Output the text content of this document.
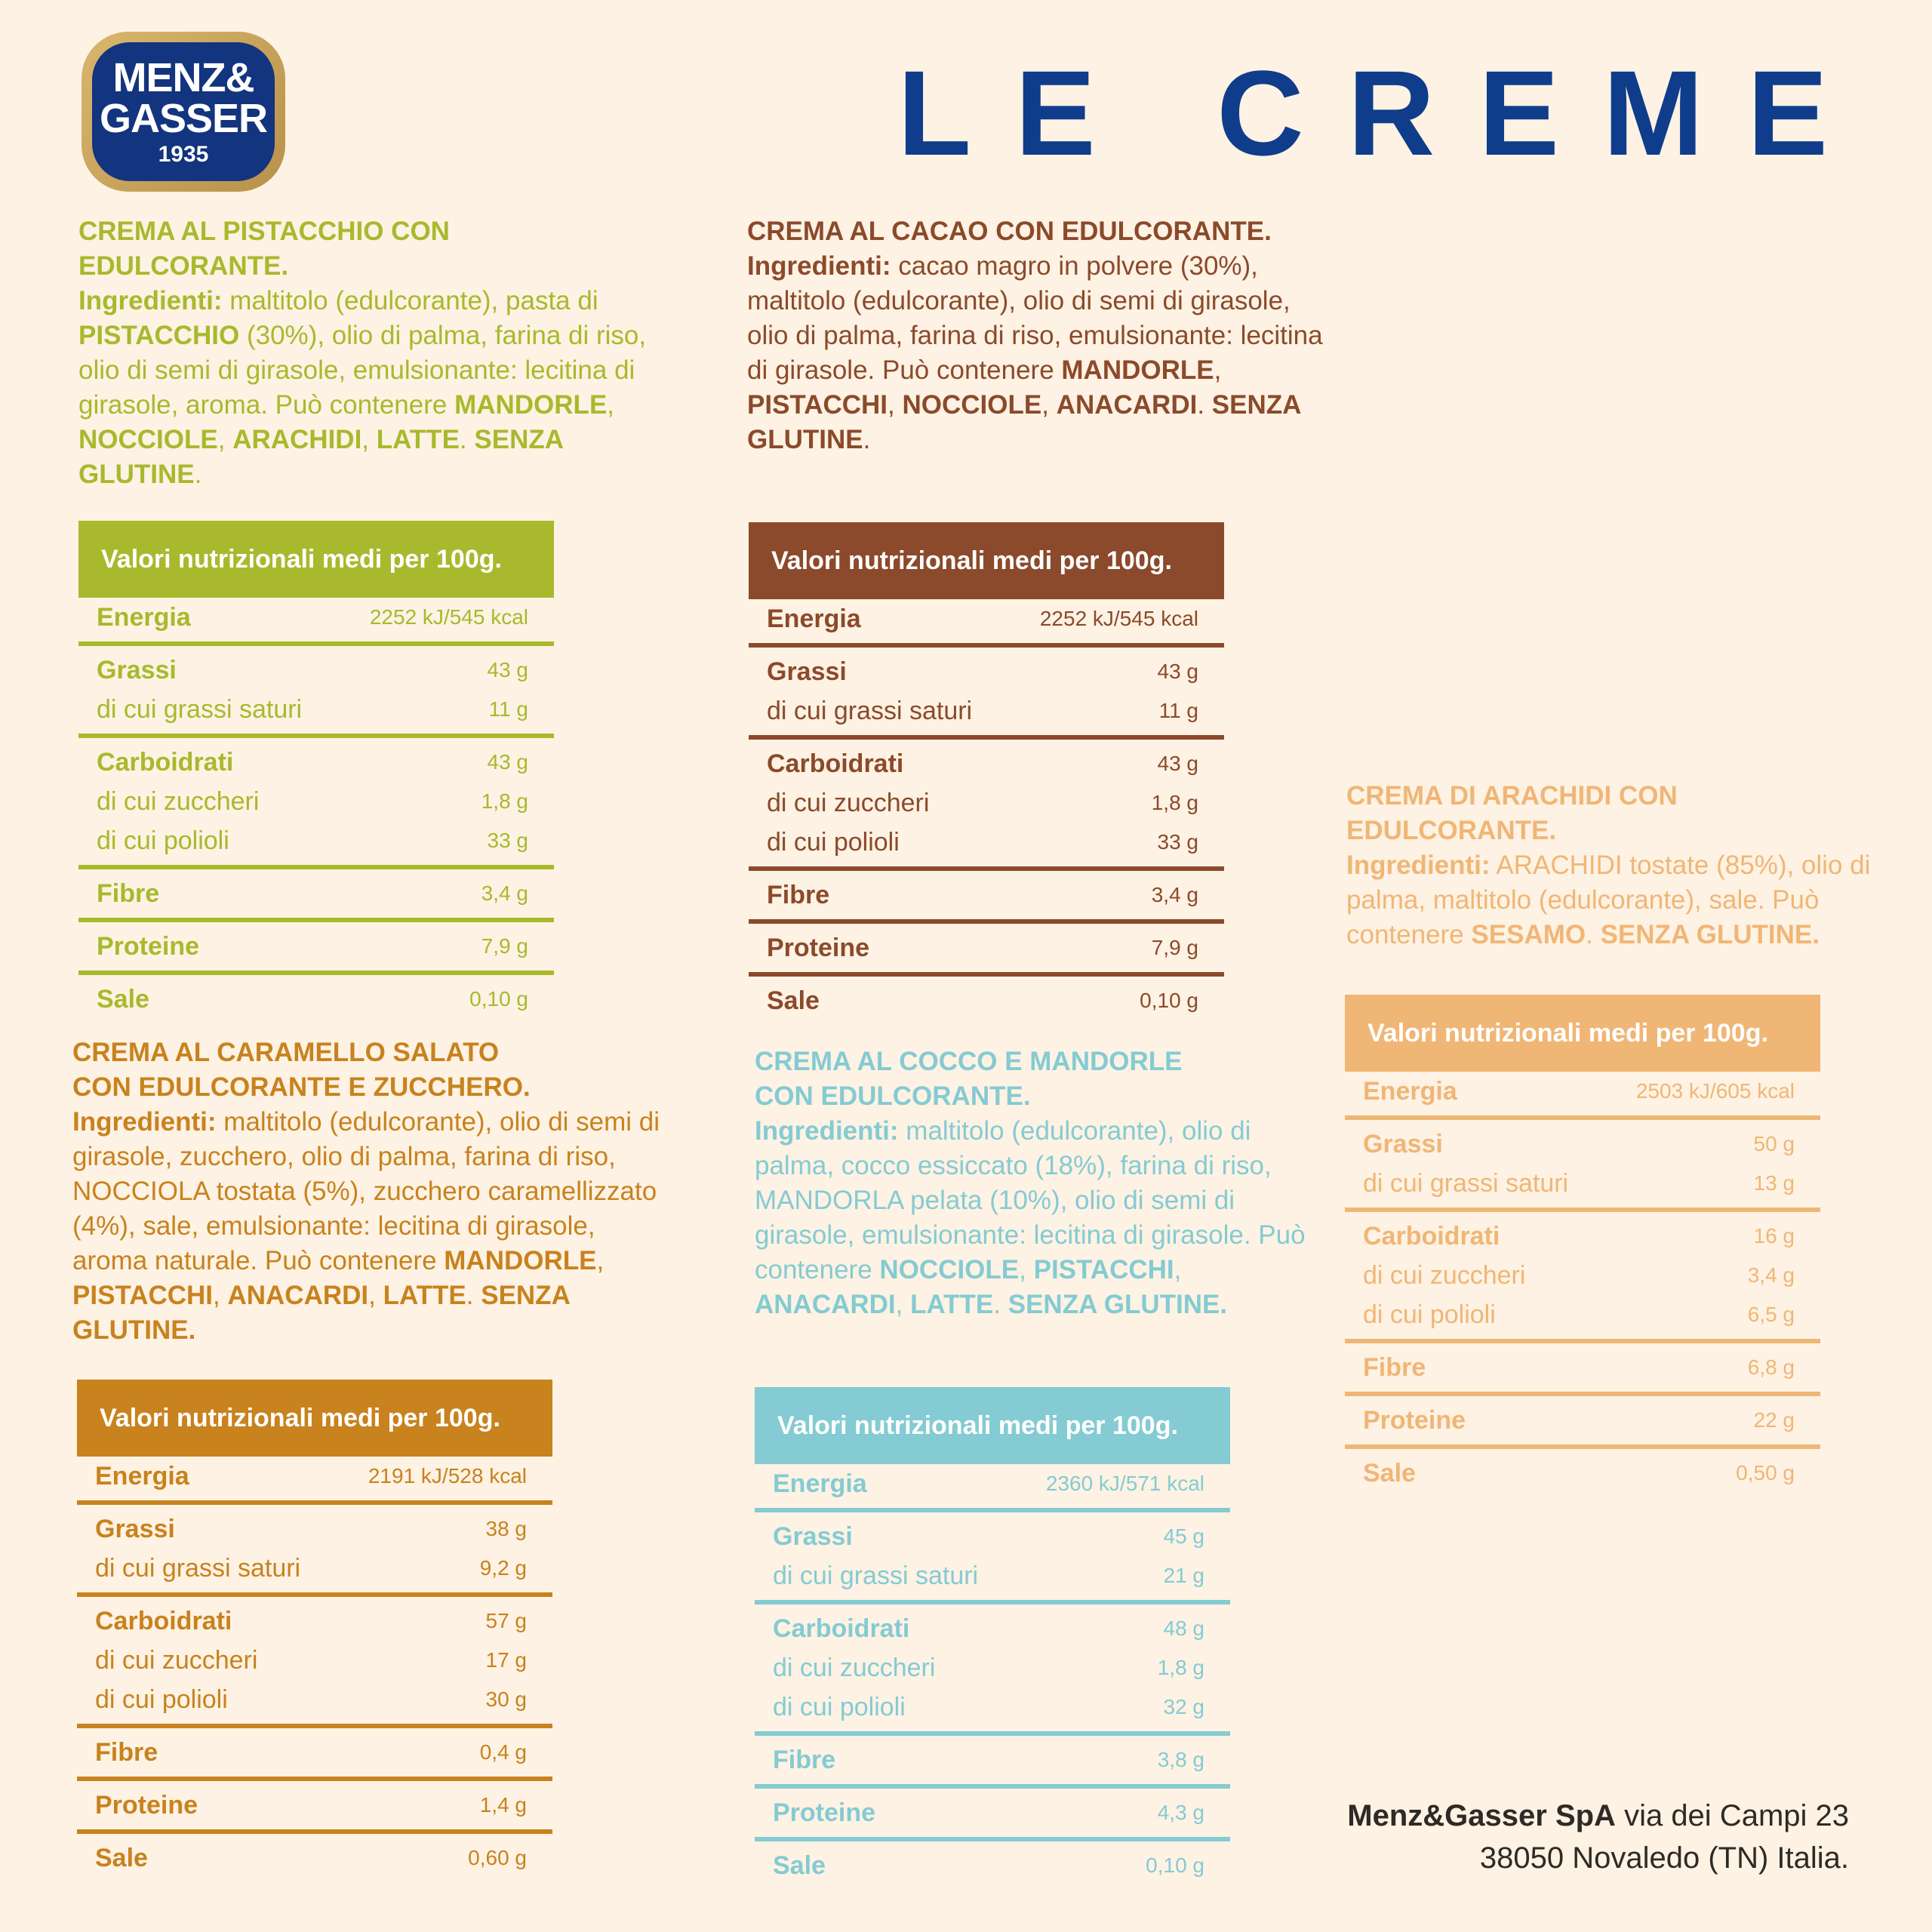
MENZ&
GASSER
1935	LE CREME
CREMA AL PISTACCHIO CON EDULCORANTE.
Ingredienti: maltitolo (edulcorante), pasta di PISTACCHIO (30%), olio di palma, farina di riso, olio di semi di girasole, emulsionante: lecitina di girasole, aroma. Può contenere MANDORLE, NOCCIOLE, ARACHIDI, LATTE. SENZA GLUTINE.
CREMA AL CACAO CON EDULCORANTE.
Ingredienti: cacao magro in polvere (30%), maltitolo (edulcorante), olio di semi di girasole, olio di palma, farina di riso, emulsionante: lecitina di girasole. Può contenere MANDORLE, PISTACCHI, NOCCIOLE, ANACARDI. SENZA GLUTINE.
CREMA AL CARAMELLO SALATO
CON EDULCORANTE E ZUCCHERO.
Ingredienti: maltitolo (edulcorante), olio di semi di girasole, zucchero, olio di palma, farina di riso, NOCCIOLA tostata (5%), zucchero caramellizzato (4%), sale, emulsionante: lecitina di girasole, aroma naturale. Può contenere MANDORLE, PISTACCHI, ANACARDI, LATTE. SENZA GLUTINE.
CREMA AL COCCO E MANDORLE
CON EDULCORANTE.
Ingredienti: maltitolo (edulcorante), olio di palma, cocco essiccato (18%), farina di riso, MANDORLA pelata (10%), olio di semi di girasole, emulsionante: lecitina di girasole. Può contenere NOCCIOLE, PISTACCHI, ANACARDI, LATTE. SENZA GLUTINE.
CREMA DI ARACHIDI CON EDULCORANTE.
Ingredienti: ARACHIDI tostate (85%), olio di palma, maltitolo (edulcorante), sale. Può contenere SESAMO. SENZA GLUTINE.
Valori nutrizionali medi per 100g.
Energia	2252 kJ/545 kcal
Grassi	43 g
di cui grassi saturi	11 g
Carboidrati	43 g
di cui zuccheri	1,8 g
di cui polioli	33 g
Fibre	3,4 g
Proteine	7,9 g
Sale	0,10 g
Valori nutrizionali medi per 100g.
Energia	2252 kJ/545 kcal
Grassi	43 g
di cui grassi saturi	11 g
Carboidrati	43 g
di cui zuccheri	1,8 g
di cui polioli	33 g
Fibre	3,4 g
Proteine	7,9 g
Sale	0,10 g
Valori nutrizionali medi per 100g.
Energia	2191 kJ/528 kcal
Grassi	38 g
di cui grassi saturi	9,2 g
Carboidrati	57 g
di cui zuccheri	17 g
di cui polioli	30 g
Fibre	0,4 g
Proteine	1,4 g
Sale	0,60 g
Valori nutrizionali medi per 100g.
Energia	2360 kJ/571 kcal
Grassi	45 g
di cui grassi saturi	21 g
Carboidrati	48 g
di cui zuccheri	1,8 g
di cui polioli	32 g
Fibre	3,8 g
Proteine	4,3 g
Sale	0,10 g
Valori nutrizionali medi per 100g.
Energia	2503 kJ/605 kcal
Grassi	50 g
di cui grassi saturi	13 g
Carboidrati	16 g
di cui zuccheri	3,4 g
di cui polioli	6,5 g
Fibre	6,8 g
Proteine	22 g
Sale	0,50 g
Menz&Gasser SpA via dei Campi 23
38050 Novaledo (TN) Italia.
